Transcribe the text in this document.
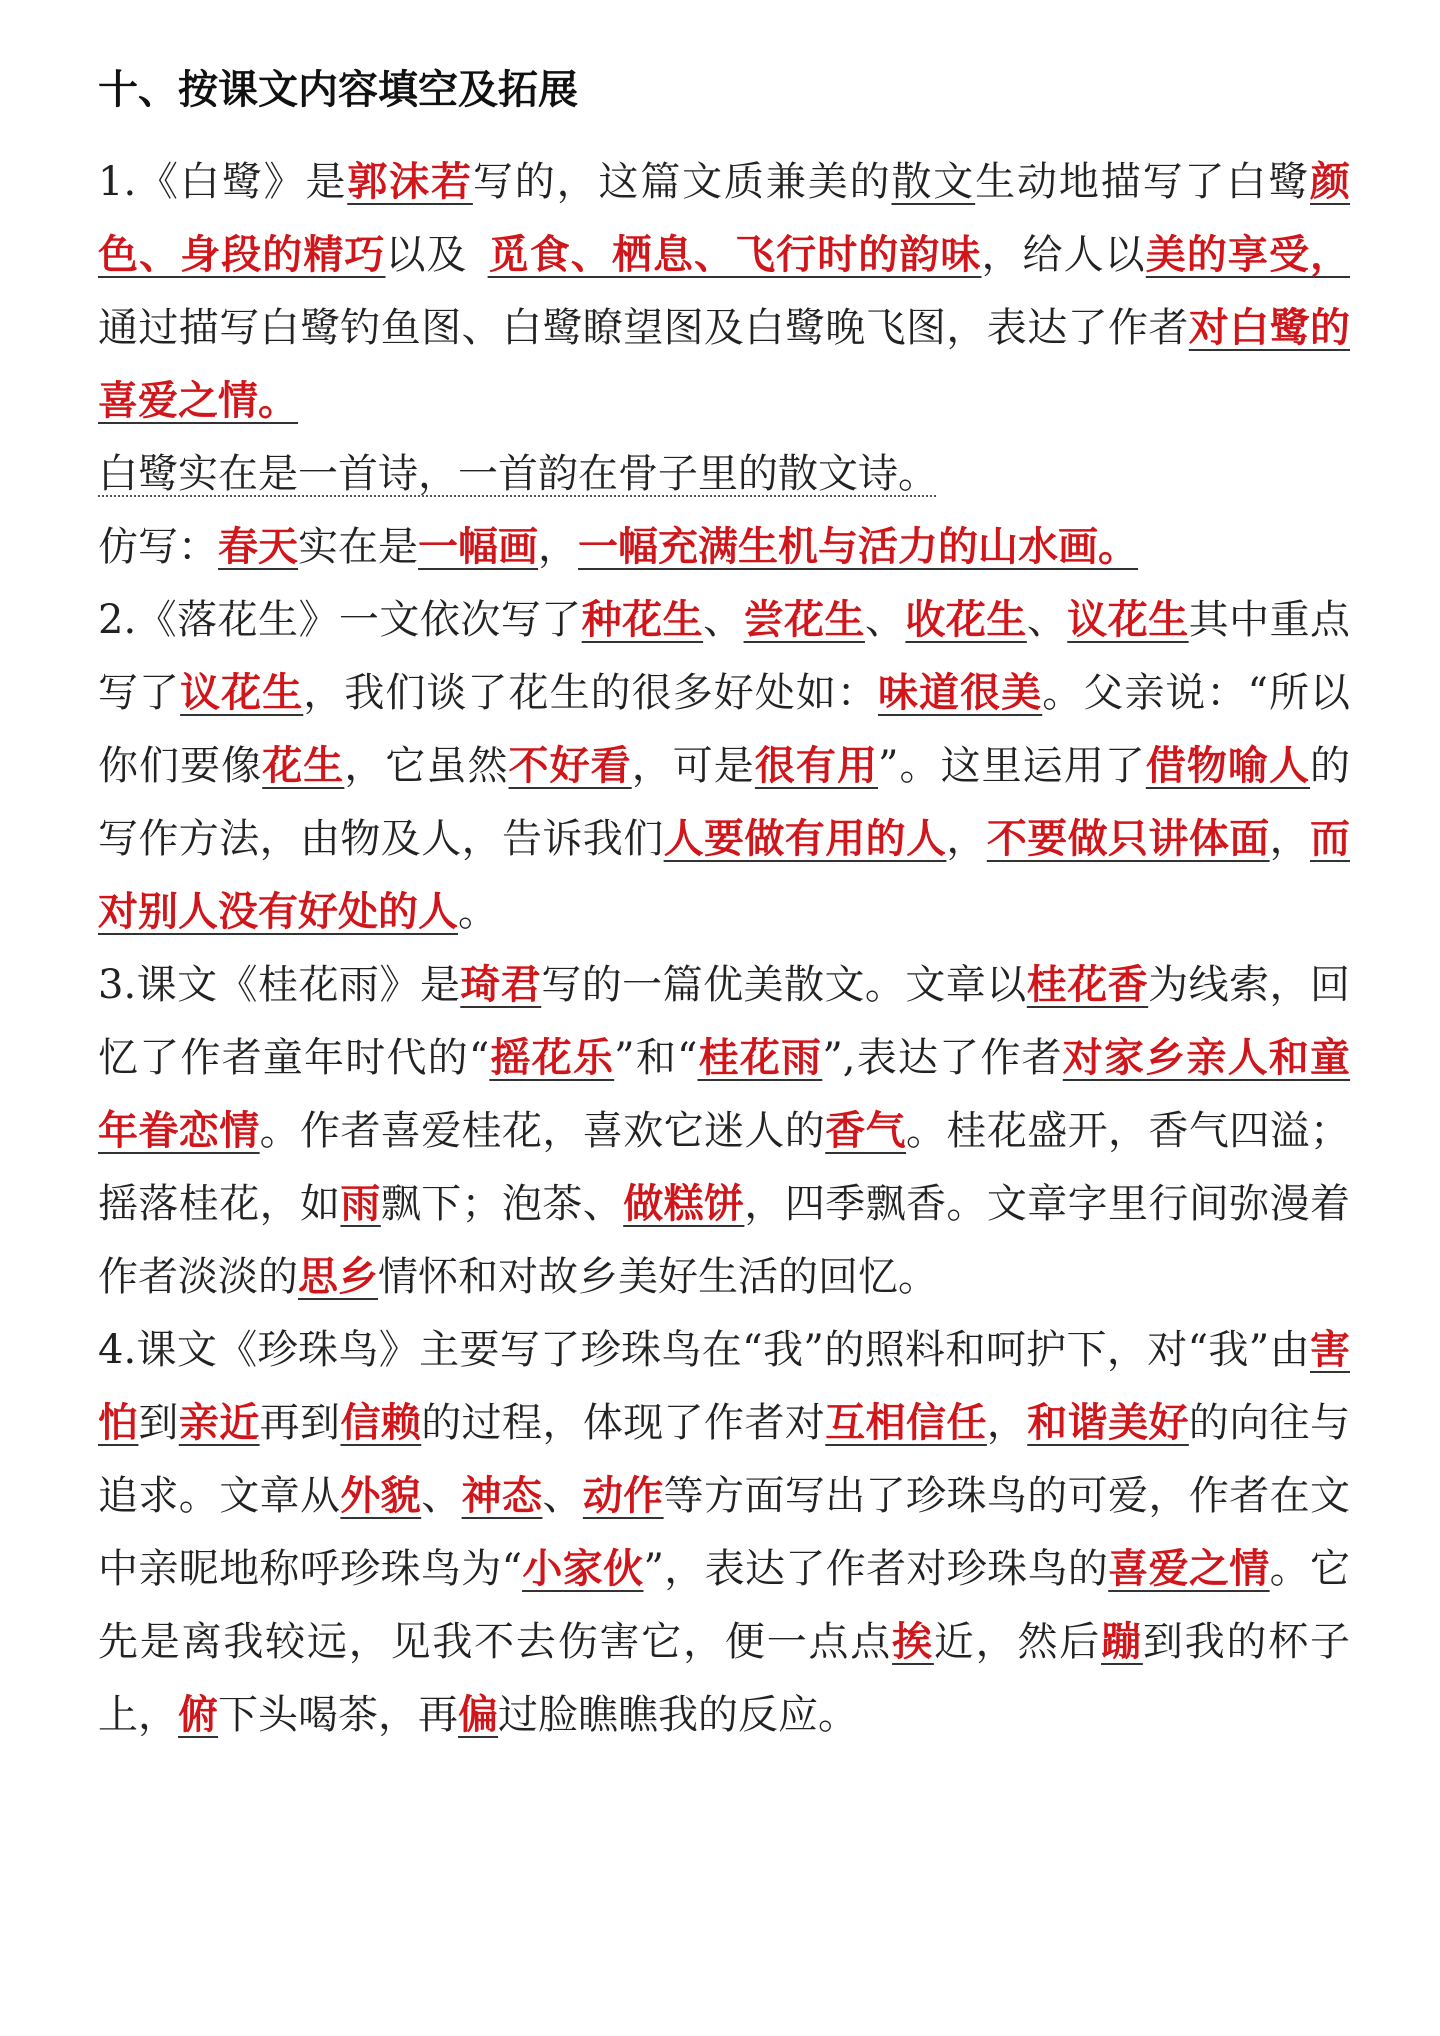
十、按课文内容填空及拓展

1.《白鹭》是郭沫若写的，这篇文质兼美的散文生动地描写了白鹭颜色、身段的精巧以及 觅食、栖息、飞行时的韵味，给人以美的享受，通过描写白鹭钓鱼图、白鹭瞭望图及白鹭晚飞图，表达了作者对白鹭的喜爱之情。

白鹭实在是一首诗，一首韵在骨子里的散文诗。

仿写：春天实在是一幅画，一幅充满生机与活力的山水画。

2.《落花生》一文依次写了种花生、尝花生、收花生、议花生其中重点写了议花生，我们谈了花生的很多好处如：味道很美。父亲说：“所以你们要像花生，它虽然不好看，可是很有用”。这里运用了借物喻人的写作方法，由物及人，告诉我们人要做有用的人，不要做只讲体面，而对别人没有好处的人。

3.课文《桂花雨》是琦君写的一篇优美散文。文章以桂花香为线索，回忆了作者童年时代的“摇花乐”和“桂花雨”,表达了作者对家乡亲人和童年眷恋情。作者喜爱桂花，喜欢它迷人的香气。桂花盛开，香气四溢；摇落桂花，如雨飘下；泡茶、做糕饼，四季飘香。文章字里行间弥漫着作者淡淡的思乡情怀和对故乡美好生活的回忆。

4.课文《珍珠鸟》主要写了珍珠鸟在“我”的照料和呵护下，对“我”由害怕到亲近再到信赖的过程，体现了作者对互相信任，和谐美好的向往与追求。文章从外貌、神态、动作等方面写出了珍珠鸟的可爱，作者在文中亲昵地称呼珍珠鸟为“小家伙”，表达了作者对珍珠鸟的喜爱之情。它先是离我较远，见我不去伤害它，便一点点挨近，然后蹦到我的杯子上，俯下头喝茶，再偏过脸瞧瞧我的反应。
